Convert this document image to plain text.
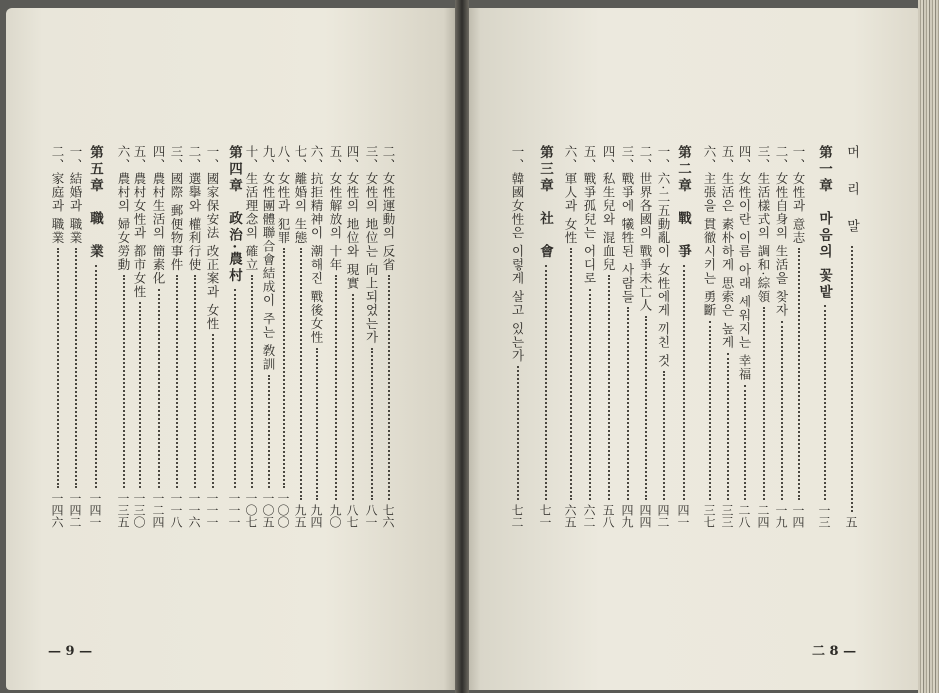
二、女性運動의 反省
七六
三、女性의 地位는 向上되었는가
八一
四、女性의 地位와 現實
八七
五、女性解放의 十年
九〇
六、抗拒精神이 潮해진 戰後女性
九四
七、離婚의 生態
九五
八、女性과 犯罪
一〇〇
九、女性團體聯合會結成이 주는 敎訓
一〇五
十、生活理念의 確立
一〇七
第四章　政治·農村
一一一
一、國家保安法 改正案과 女性
一一一
二、選擧와 權利行使
一一六
三、國際 郵便物事件
一一八
四、農村生活의 簡素化
一二四
五、農村女性과 都市女性
一三〇
六、農村의 婦女勞動
一三五
第五章　職　業
一四一
一、結婚과 職業
一四二
二、家庭과 職業
一四六
머 리 말
五
第一章　마음의 꽃밭
一三
一、女性과 意志
一四
二、女性自身의 生活을 찾자
一九
三、生活樣式의 調和·綜領
二四
四、女性이란 이름 아래 세워지는 幸福
二八
五、生活은 素朴하게 思索은 높게
三三
六、主張을 貫徹시키는 勇斷
三七
第二章　戰　爭
四一
一、六·二五動亂이 女性에게 끼친 것
四二
二、世界各國의 戰爭未亡人
四四
三、戰爭에 犧牲된 사람들
四九
四、私生兒와 混血兒
五八
五、戰爭孤兒는 어디로
六二
六、軍人과 女性
六五
第三章　社　會
七一
一、韓國女性은 이렇게 살고 있는가
七二
— 9 —	二 8 —
